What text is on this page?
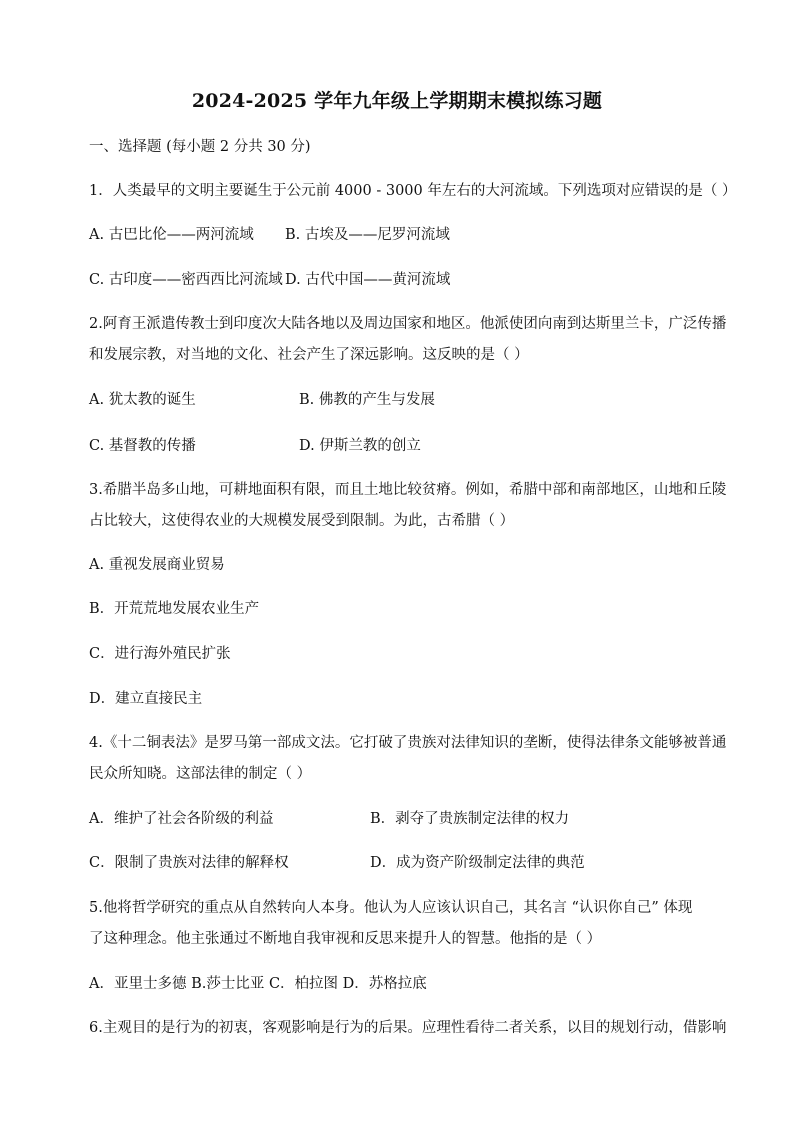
2024-2025 学年九年级上学期期末模拟练习题
一、选择题 (每小题 2 分共 30 分)
1．人类最早的文明主要诞生于公元前 4000 - 3000 年左右的大河流域。下列选项对应错误的是（ ）
A. 古巴比伦——两河流域 B. 古埃及——尼罗河流域
C. 古印度——密西西比河流域 D. 古代中国——黄河流域
2.阿育王派遣传教士到印度次大陆各地以及周边国家和地区。他派使团向南到达斯里兰卡，广泛传播
和发展宗教，对当地的文化、社会产生了深远影响。这反映的是（ ）
A. 犹太教的诞生	B. 佛教的产生与发展
C. 基督教的传播	D. 伊斯兰教的创立
3.希腊半岛多山地，可耕地面积有限，而且土地比较贫瘠。例如，希腊中部和南部地区，山地和丘陵
占比较大，这使得农业的大规模发展受到限制。为此，古希腊（ ）
A. 重视发展商业贸易
B．开荒荒地发展农业生产
C．进行海外殖民扩张
D．建立直接民主
4.《十二铜表法》是罗马第一部成文法。它打破了贵族对法律知识的垄断，使得法律条文能够被普通
民众所知晓。这部法律的制定（ ）
A．维护了社会各阶级的利益	B．剥夺了贵族制定法律的权力
C．限制了贵族对法律的解释权	D．成为资产阶级制定法律的典范
5.他将哲学研究的重点从自然转向人本身。他认为人应该认识自己，其名言 “认识你自己” 体现
了这种理念。他主张通过不断地自我审视和反思来提升人的智慧。他指的是（ ）
A．亚里士多德 B.莎士比亚 C．柏拉图 D．苏格拉底
6.主观目的是行为的初衷，客观影响是行为的后果。应理性看待二者关系，以目的规划行动，借影响
